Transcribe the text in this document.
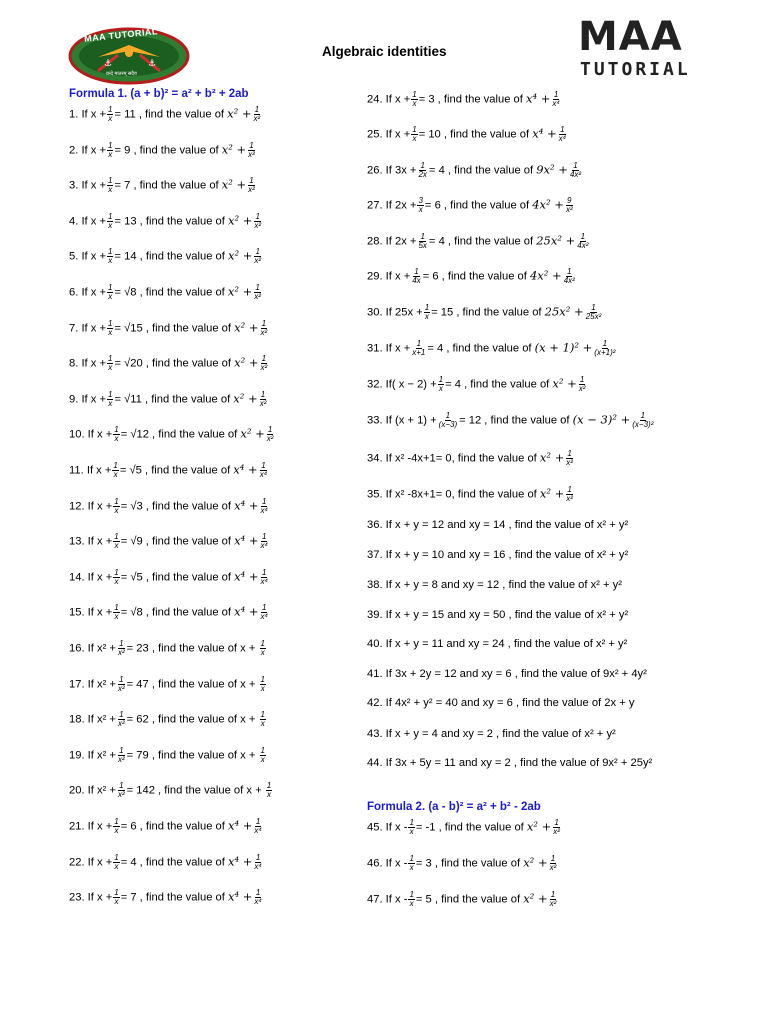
⚓	⚓
MAA TUTORIAL
वन्दे मातरम् सदैव
Algebraic identities	MAA
TUTORIAL
Formula 1. (a + b)² = a² + b² + 2ab
Formula 2. (a - b)² = a² + b² - 2ab
1. If $x + \frac{1}{x} = 11$ , find the value of $x^2 + \frac{1}{\text{x²}}$
2. If $x + \frac{1}{x} = 9$ , find the value of $x^2 + \frac{1}{\text{x²}}$
3. If $x + \frac{1}{x} = 7$ , find the value of $x^2 + \frac{1}{\text{x²}}$
4. If $x + \frac{1}{x} = 13$ , find the value of $x^2 + \frac{1}{\text{x²}}$
5. If $x + \frac{1}{x} = 14$ , find the value of $x^2 + \frac{1}{\text{x²}}$
6. If $x + \frac{1}{x} = √8$ , find the value of $x^2 + \frac{1}{\text{x²}}$
7. If $x + \frac{1}{x} = √15$ , find the value of $x^2 + \frac{1}{\text{x²}}$
8. If $x + \frac{1}{x} = √20$ , find the value of $x^2 + \frac{1}{\text{x²}}$
9. If $x + \frac{1}{x} = √11$ , find the value of $x^2 + \frac{1}{\text{x²}}$
10. If $x + \frac{1}{x} = √12$ , find the value of $x^2 + \frac{1}{\text{x²}}$
11. If $x + \frac{1}{x} = √5$ , find the value of $x^4 + \frac{1}{\text{x⁴}}$
12. If $x + \frac{1}{x} = √3$ , find the value of $x^4 + \frac{1}{\text{x⁴}}$
13. If $x + \frac{1}{x} = √9$ , find the value of $x^4 + \frac{1}{\text{x⁴}}$
14. If $x + \frac{1}{x} = √5$ , find the value of $x^4 + \frac{1}{\text{x⁴}}$
15. If $x + \frac{1}{x} = √8$ , find the value of $x^4 + \frac{1}{\text{x⁴}}$
16. If $x^2 + \frac{1}{\text{x²}} = 23$ , find the value of $x + \frac{1}{x}$
17. If $x^2 + \frac{1}{\text{x²}} = 47$ , find the value of $x + \frac{1}{x}$
18. If $x^2 + \frac{1}{\text{x²}} = 62$ , find the value of $x + \frac{1}{x}$
19. If $x^2 + \frac{1}{\text{x²}} = 79$ , find the value of $x + \frac{1}{x}$
20. If $x^2 + \frac{1}{\text{x²}} = 142$ , find the value of $x + \frac{1}{x}$
21. If $x + \frac{1}{x} = 6$ , find the value of $x^4 + \frac{1}{\text{x⁴}}$
22. If $x + \frac{1}{x} = 4$ , find the value of $x^4 + \frac{1}{\text{x⁴}}$
23. If $x + \frac{1}{x} = 7$ , find the value of $x^4 + \frac{1}{\text{x⁴}}$
24. If $x + \frac{1}{x} = 3$ , find the value of $x^4 + \frac{1}{\text{x⁴}}$
25. If $x + \frac{1}{x} = 10$ , find the value of $x^4 + \frac{1}{\text{x⁴}}$
26. If $3x + \frac{1}{2x} = 4$ , find the value of $9x^2 + \frac{1}{\text{4x²}}$
27. If $2x + \frac{3}{x} = 6$ , find the value of $4x^2 + \frac{9}{\text{x²}}$
28. If $2x + \frac{1}{5x} = 4$ , find the value of $25x^2 + \frac{1}{\text{4x²}}$
29. If $x + \frac{1}{4x} = 6$ , find the value of $4x^2 + \frac{1}{\text{4x²}}$
30. If $25x + \frac{1}{x} = 15$ , find the value of $25x^2 + \frac{1}{\text{25x²}}$
31. If $x + \frac{1}{x+1} = 4$ , find the value of $(x + 1)^2 + \frac{1}{\text{(x+1)²}}$
32. If( $x - 2) + \frac{1}{x} = 4$ , find the value of $x^2 + \frac{1}{\text{x²}}$
33. If $(x + 1) + \frac{1}{(x-3)} = 12$ , find the value of $(x - 3)^2 + \frac{1}{\text{(x−3)²}}$
34. If x² -4x+1= 0, find the value of $x^2 + \frac{1}{\text{x²}}$
35. If x² -8x+1= 0, find the value of $x^2 + \frac{1}{\text{x²}}$
36. If x + y = 12 and xy = 14 , find the value of x² + y²
37. If x + y = 10 and xy = 16 , find the value of x² + y²
38. If x + y = 8 and xy = 12 , find the value of x² + y²
39. If x + y = 15 and xy = 50 , find the value of x² + y²
40. If x + y = 11 and xy = 24 , find the value of x² + y²
41. If 3x + 2y = 12 and xy = 6 , find the value of 9x² + 4y²
42. If 4x² + y² = 40 and xy = 6 , find the value of 2x + y
43. If x + y = 4 and xy = 2 , find the value of x² + y²
44. If 3x + 5y = 11 and xy = 2 , find the value of 9x² + 25y²
45. If $x - \frac{1}{x} = -1$ , find the value of $x^2 + \frac{1}{\text{x²}}$
46. If $x - \frac{1}{x} = 3$ , find the value of $x^2 + \frac{1}{\text{x²}}$
47. If $x - \frac{1}{x} = 5$ , find the value of $x^2 + \frac{1}{\text{x²}}$
